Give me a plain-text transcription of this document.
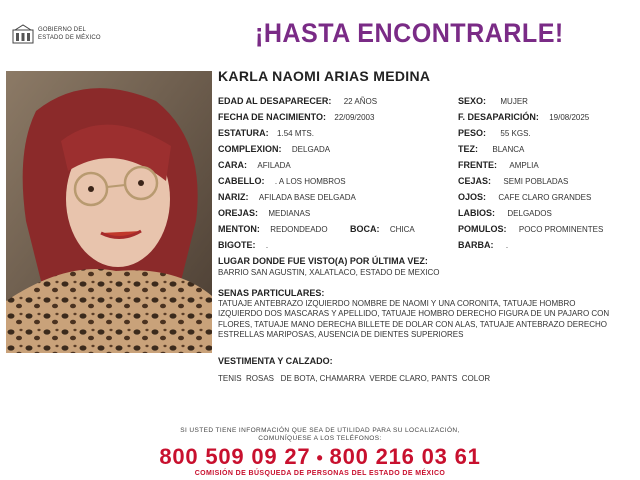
GOBIERNO DEL
ESTADO DE MÉXICO	¡HASTA ENCONTRARLE!
KARLA NAOMI ARIAS MEDINA
EDAD AL DESAPARECER: 22 AÑOS
FECHA DE NACIMIENTO: 22/09/2003
ESTATURA: 1.54 MTS.
COMPLEXION: DELGADA
CARA: AFILADA
CABELLO: . A LOS HOMBROS
NARIZ: AFILADA BASE DELGADA
OREJAS: MEDIANAS
MENTON: REDONDEADO BOCA: CHICA
BIGOTE: .
SEXO: MUJER
F. DESAPARICIÓN: 19/08/2025
PESO: 55 KGS.
TEZ: BLANCA
FRENTE: AMPLIA
CEJAS: SEMI POBLADAS
OJOS: CAFE CLARO GRANDES
LABIOS: DELGADOS
POMULOS: POCO PROMINENTES
BARBA: .
LUGAR DONDE FUE VISTO(A) POR ÚLTIMA VEZ:
BARRIO SAN AGUSTIN, XALATLACO, ESTADO DE MEXICO
SENAS PARTICULARES:
TATUAJE ANTEBRAZO IZQUIERDO NOMBRE DE NAOMI Y UNA CORONITA, TATUAJE HOMBRO IZQUIERDO DOS MASCARAS Y APELLIDO, TATUAJE HOMBRO DERECHO FIGURA DE UN PAJARO CON FLORES, TATUAJE MANO DERECHA BILLETE DE DOLAR CON ALAS, TATUAJE ANTEBRAZO DERECHO ESTRELLAS MARIPOSAS, AUSENCIA DE DIENTES SUPERIORES
VESTIMENTA Y CALZADO:
TENIS  ROSAS   DE BOTA, CHAMARRA  VERDE CLARO, PANTS  COLOR
SI USTED TIENE INFORMACIÓN QUE SEA DE UTILIDAD PARA SU LOCALIZACIÓN,
COMUNÍQUESE A LOS TELÉFONOS:
800 509 09 27 • 800 216 03 61
COMISIÓN DE BÚSQUEDA DE PERSONAS DEL ESTADO DE MÉXICO
